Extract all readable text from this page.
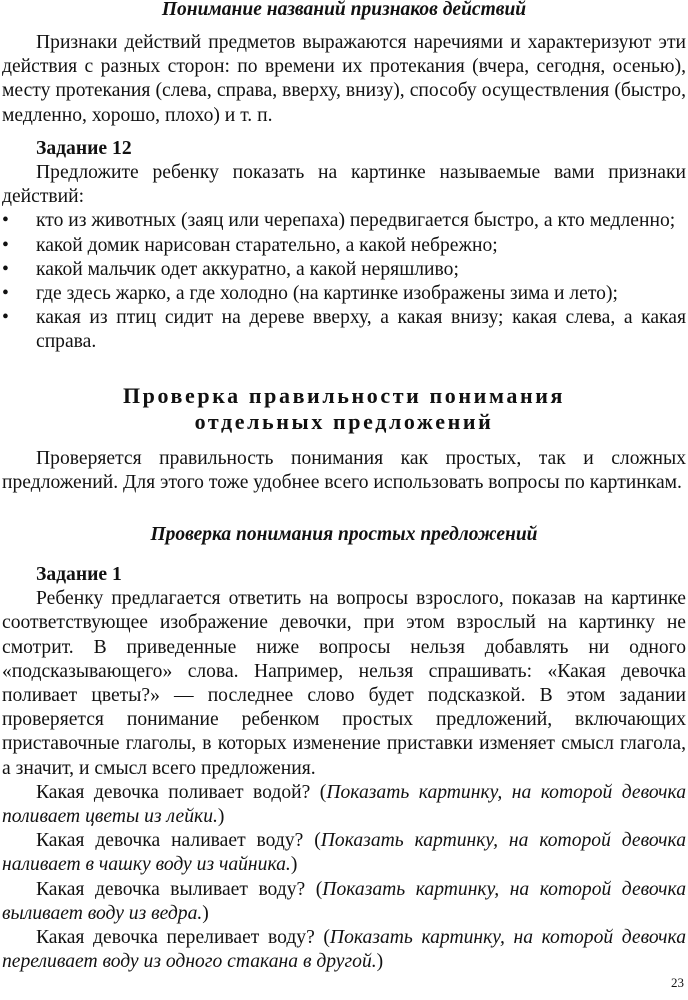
Понимание названий признаков действий

Признаки действий предметов выражаются наречиями и характеризуют эти действия с разных сторон: по времени их протекания (вчера, сегодня, осенью), месту протекания (слева, справа, вверху, внизу), способу осуществления (быстро, медленно, хорошо, плохо) и т. п.

Задание 12

Предложите ребенку показать на картинке называемые вами признаки действий:

• кто из животных (заяц или черепаха) передвигается быстро, а кто медленно;
• какой домик нарисован старательно, а какой небрежно;
• какой мальчик одет аккуратно, а какой неряшливо;
• где здесь жарко, а где холодно (на картинке изображены зима и лето);
• какая из птиц сидит на дереве вверху, а какая внизу; какая слева, а какая справа.
Проверка правильности понимания
отдельных предложений

Проверяется правильность понимания как простых, так и сложных предложений. Для этого тоже удобнее всего использовать вопросы по картинкам.

Проверка понимания простых предложений
Задание 1

Ребенку предлагается ответить на вопросы взрослого, показав на картинке соответствующее изображение девочки, при этом взрослый на картинку не смотрит. В приведенные ниже вопросы нельзя добавлять ни одного «подсказывающего» слова. Например, нельзя спрашивать: «Какая девочка поливает цветы?» — последнее слово будет подсказкой. В этом задании проверяется понимание ребенком простых предложений, включающих приставочные глаголы, в которых изменение приставки изменяет смысл глагола, а значит, и смысл всего предложения.

Какая девочка поливает водой? (Показать картинку, на которой девочка поливает цветы из лейки.)

Какая девочка наливает воду? (Показать картинку, на которой девочка наливает в чашку воду из чайника.)

Какая девочка выливает воду? (Показать картинку, на которой девочка выливает воду из ведра.)

Какая девочка переливает воду? (Показать картинку, на которой девочка переливает воду из одного стакана в другой.)

23
